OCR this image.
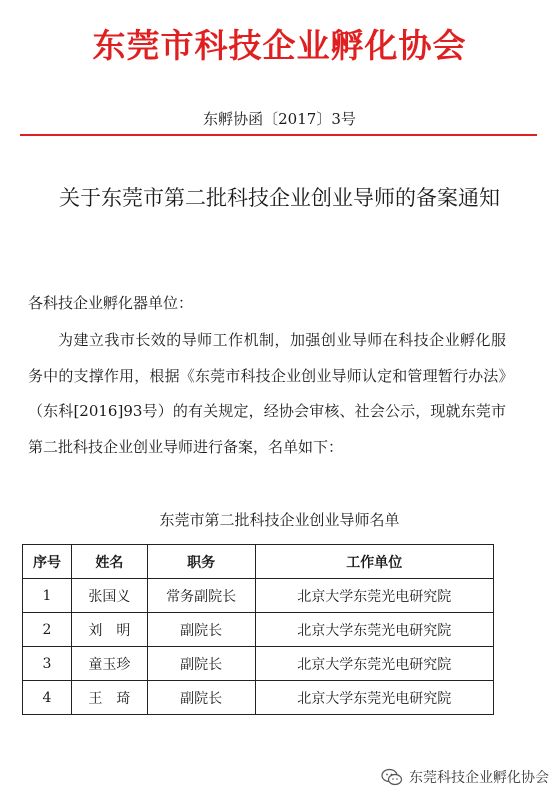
东莞市科技企业孵化协会
东孵协函〔2017〕3号
关于东莞市第二批科技企业创业导师的备案通知
各科技企业孵化器单位：

为建立我市长效的导师工作机制，加强创业导师在科技企业孵化服务中的支撑作用，根据《东莞市科技企业创业导师认定和管理暂行办法》（东科[2016]93号）的有关规定，经协会审核、社会公示，现就东莞市第二批科技企业创业导师进行备案，名单如下：

东莞市第二批科技企业创业导师名单
序号	姓名	职务	工作单位
1	张国义	常务副院长	北京大学东莞光电研究院
2	刘　明	副院长	北京大学东莞光电研究院
3	童玉珍	副院长	北京大学东莞光电研究院
4	王　琦	副院长	北京大学东莞光电研究院
东莞科技企业孵化协会
